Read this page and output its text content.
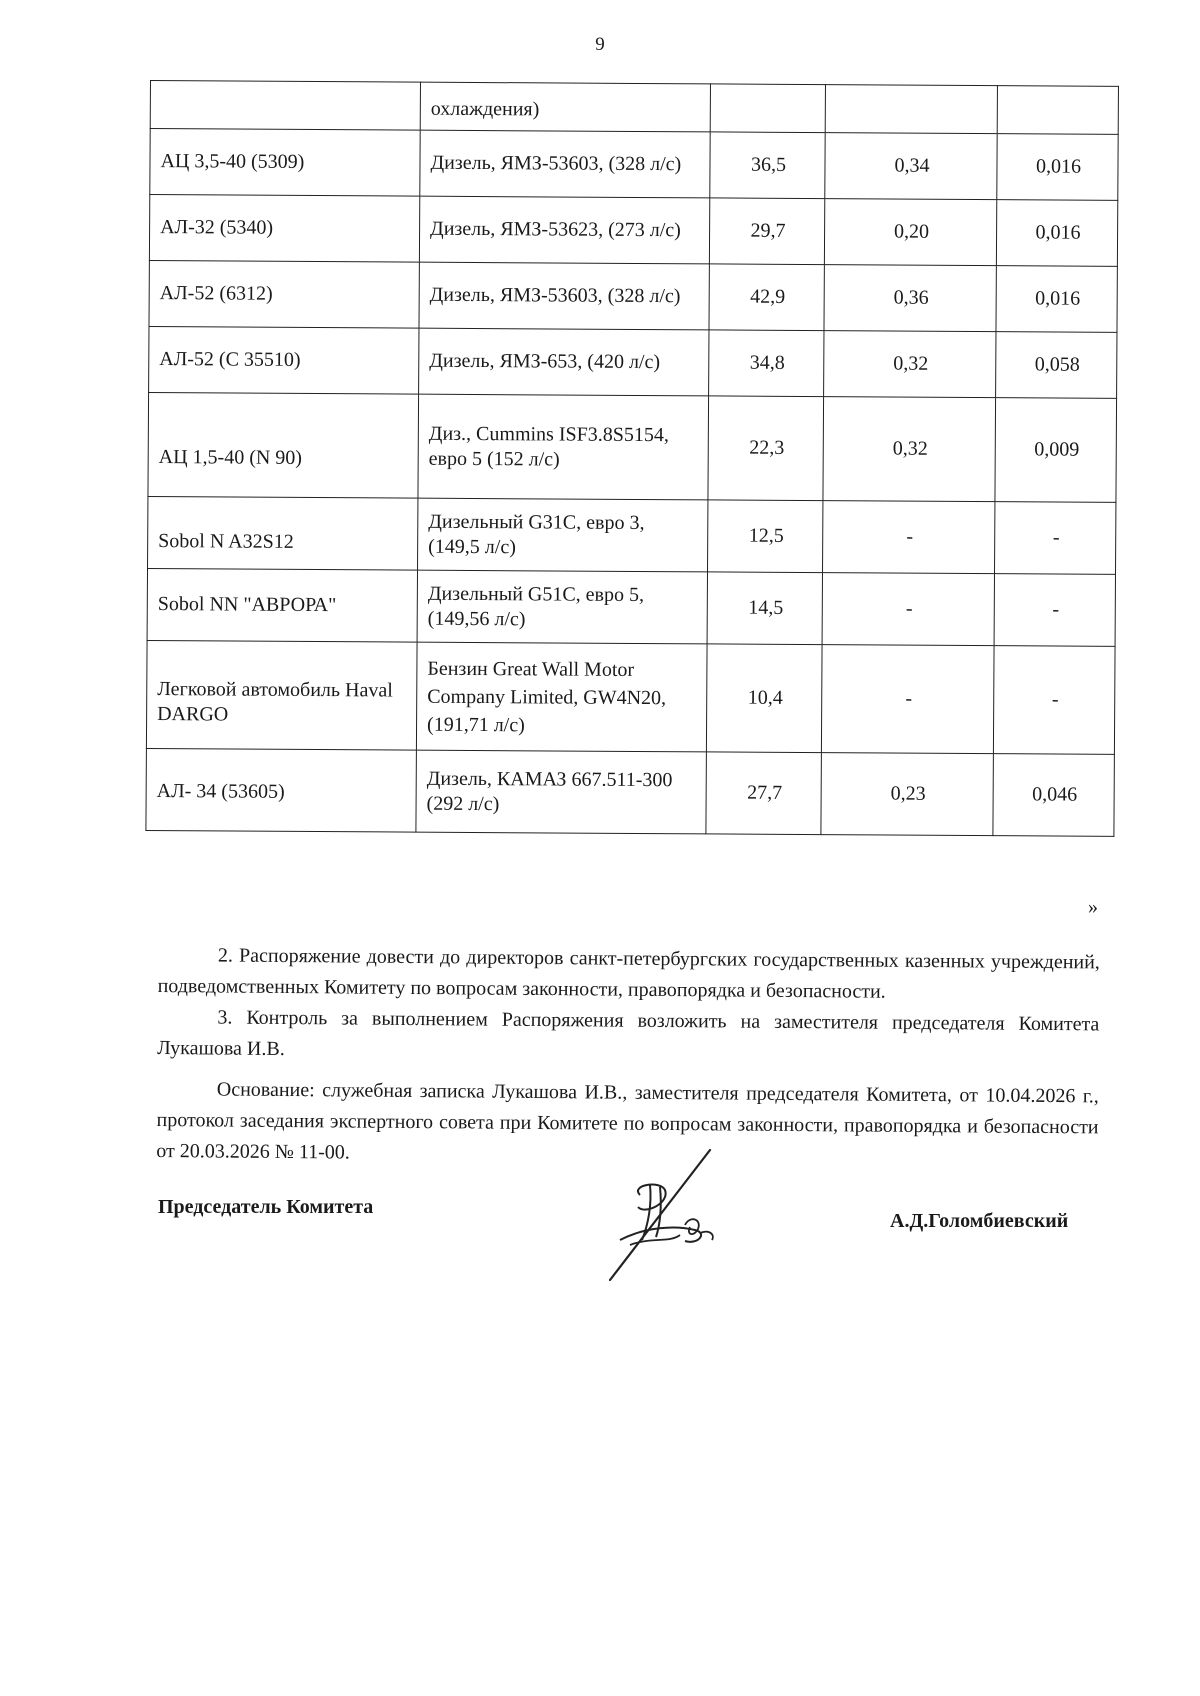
9
	охлаждения)			
АЦ 3,5-40 (5309)	Дизель, ЯМЗ-53603, (328 л/с)	36,5	0,34	0,016
АЛ-32 (5340)	Дизель, ЯМЗ-53623, (273 л/с)	29,7	0,20	0,016
АЛ-52 (6312)	Дизель, ЯМЗ-53603, (328 л/с)	42,9	0,36	0,016
АЛ-52 (С 35510)	Дизель, ЯМЗ-653, (420 л/с)	34,8	0,32	0,058
АЦ 1,5-40 (N 90)	Диз., Cummins ISF3.8S5154, евро 5 (152 л/с)	22,3	0,32	0,009
Sobol N A32S12	Дизельный G31C, евро 3, (149,5 л/с)	12,5	-	-
Sobol NN "АВРОРА"	Дизельный G51C, евро 5, (149,56 л/с)	14,5	-	-
Легковой автомобиль Haval DARGO	Бензин Great Wall Motor Company Limited, GW4N20, (191,71 л/с)	10,4	-	-
АЛ- 34 (53605)	Дизель, КАМАЗ 667.511-300 (292 л/с)	27,7	0,23	0,046
»

2. Распоряжение довести до директоров санкт-петербургских государственных казенных учреждений, подведомственных Комитету по вопросам законности, правопорядка и безопасности.

3. Контроль за выполнением Распоряжения возложить на заместителя председателя Комитета Лукашова И.В.

Основание: служебная записка Лукашова И.В., заместителя председателя Комитета, от 10.04.2026 г., протокол заседания экспертного совета при Комитете по вопросам законности, правопорядка и безопасности от 20.03.2026 № 11-00.

Председатель Комитета
А.Д.Голомбиевский
